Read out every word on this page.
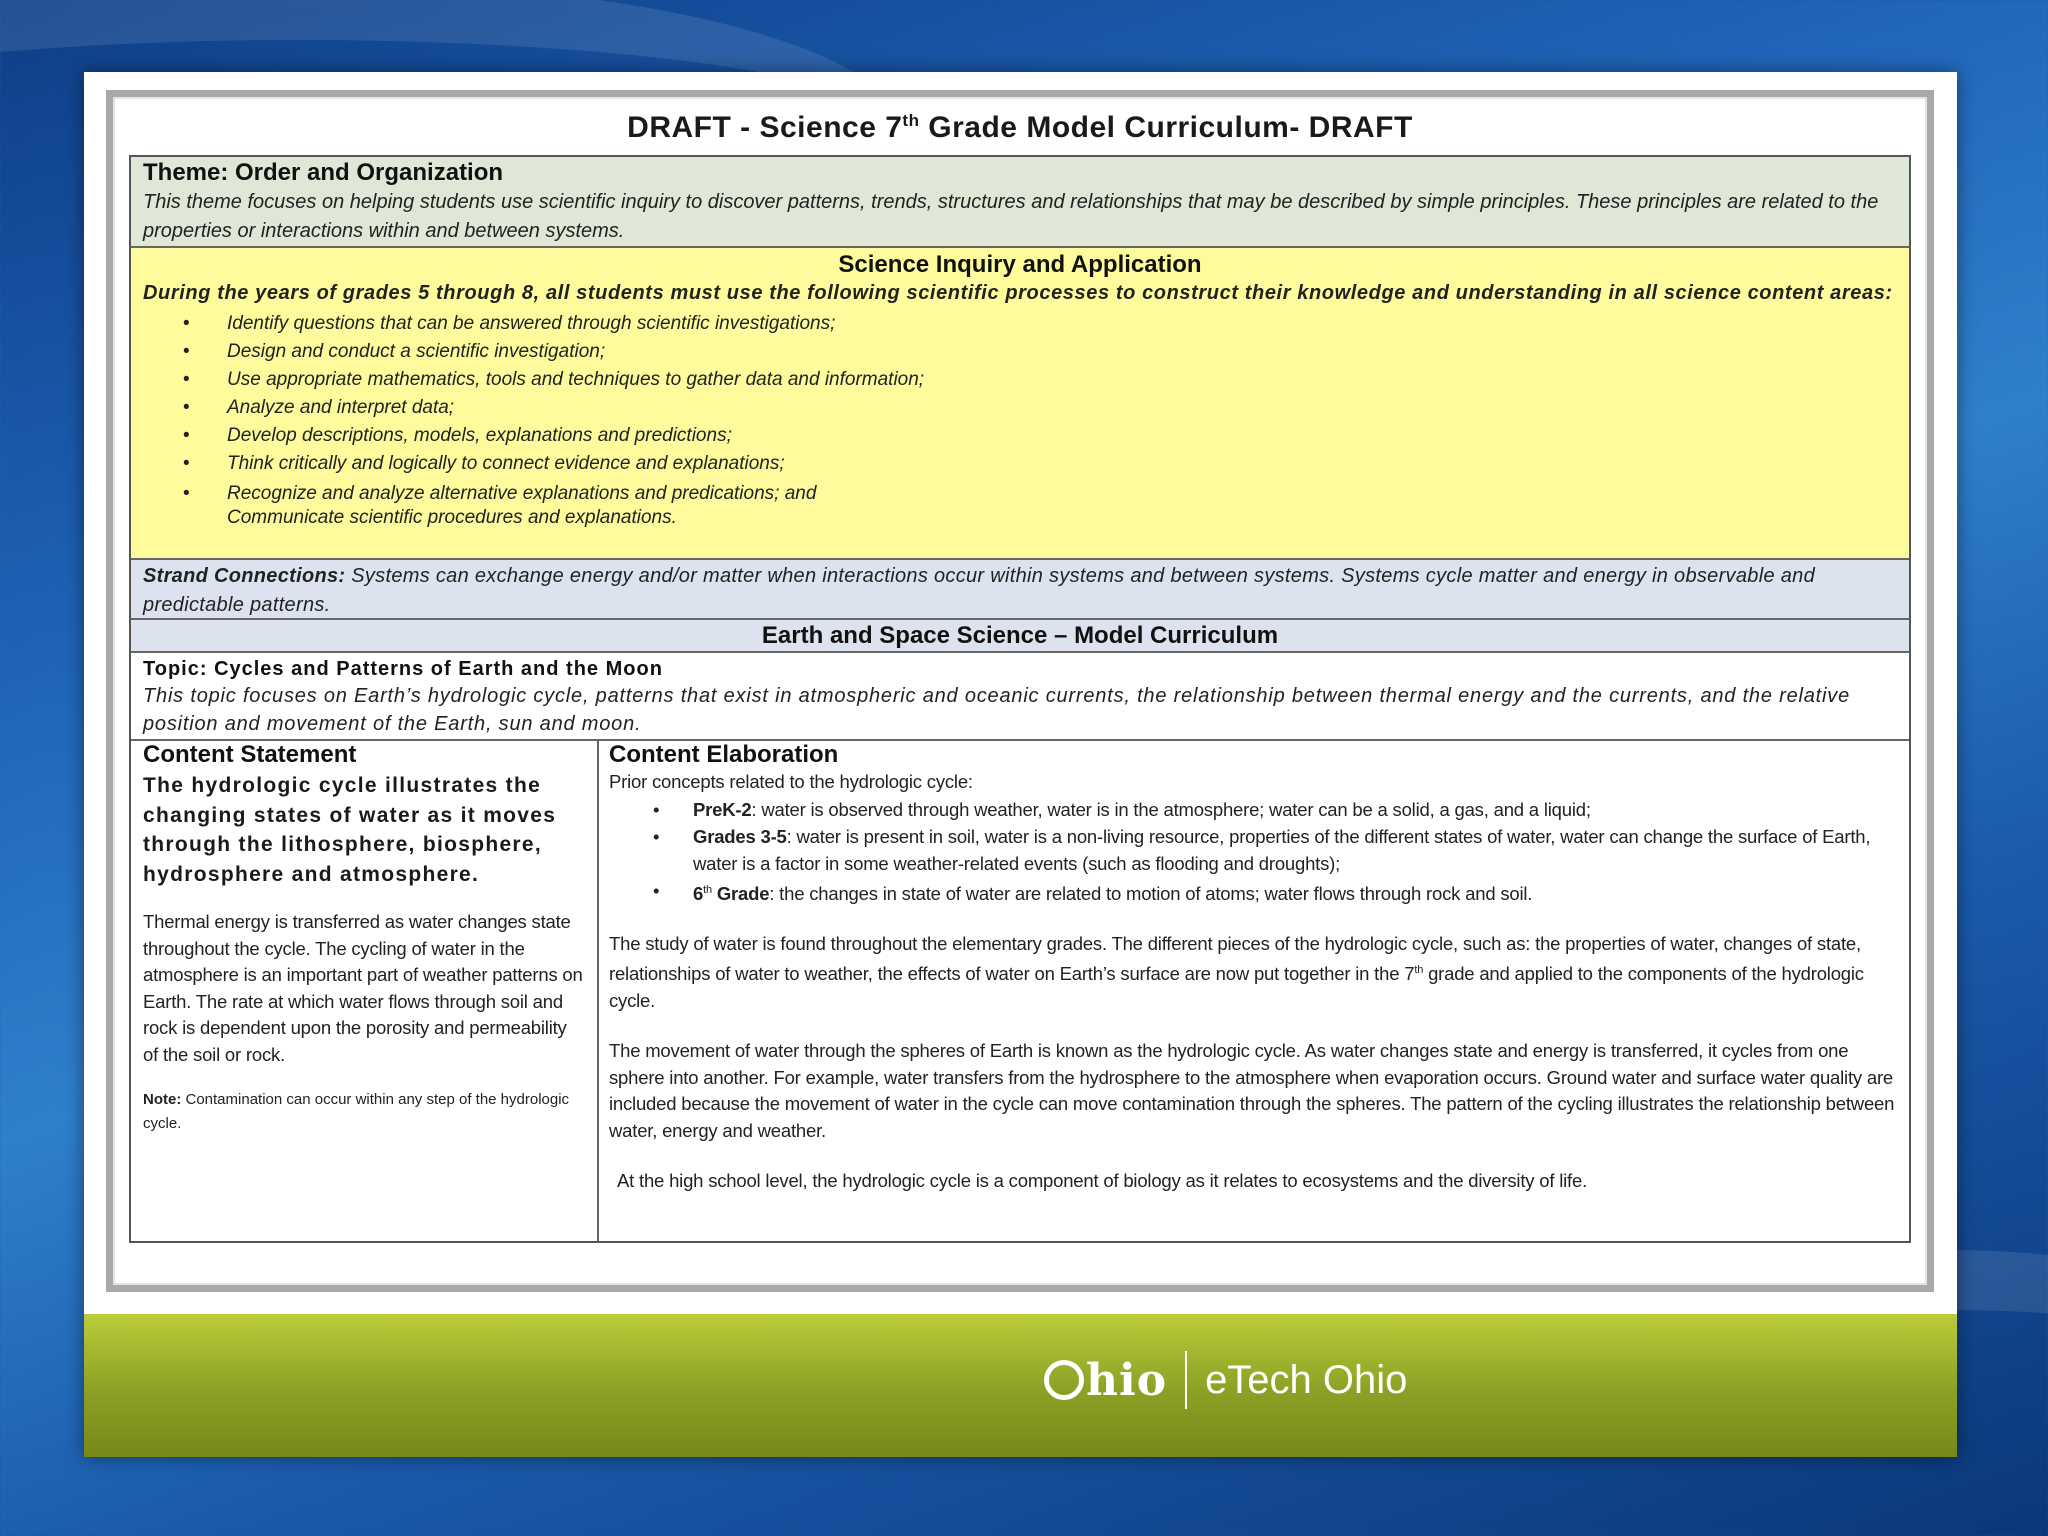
DRAFT - Science 7th Grade Model Curriculum- DRAFT
Theme: Order and Organization
This theme focuses on helping students use scientific inquiry to discover patterns, trends, structures and relationships that may be described by simple principles. These principles are related to the properties or interactions within and between systems.
Science Inquiry and Application
During the years of grades 5 through 8, all students must use the following scientific processes to construct their knowledge and understanding in all science content areas:
• Identify questions that can be answered through scientific investigations;
• Design and conduct a scientific investigation;
• Use appropriate mathematics, tools and techniques to gather data and information;
• Analyze and interpret data;
• Develop descriptions, models, explanations and predictions;
• Think critically and logically to connect evidence and explanations;
• Recognize and analyze alternative explanations and predications; and
Communicate scientific procedures and explanations.
Strand Connections: Systems can exchange energy and/or matter when interactions occur within systems and between systems. Systems cycle matter and energy in observable and predictable patterns.
Earth and Space Science – Model Curriculum
Topic: Cycles and Patterns of Earth and the Moon
This topic focuses on Earth’s hydrologic cycle, patterns that exist in atmospheric and oceanic currents, the relationship between thermal energy and the currents, and the relative position and movement of the Earth, sun and moon.
Content Statement
The hydrologic cycle illustrates the changing states of water as it moves through the lithosphere, biosphere, hydrosphere and atmosphere.
Thermal energy is transferred as water changes state throughout the cycle. The cycling of water in the atmosphere is an important part of weather patterns on Earth. The rate at which water flows through soil and rock is dependent upon the porosity and permeability of the soil or rock.
Note: Contamination can occur within any step of the hydrologic cycle.
Content Elaboration
Prior concepts related to the hydrologic cycle:
• PreK-2: water is observed through weather, water is in the atmosphere; water can be a solid, a gas, and a liquid;
• Grades 3-5: water is present in soil, water is a non-living resource, properties of the different states of water, water can change the surface of Earth, water is a factor in some weather-related events (such as flooding and droughts);
• 6th Grade: the changes in state of water are related to motion of atoms; water flows through rock and soil.
The study of water is found throughout the elementary grades. The different pieces of the hydrologic cycle, such as: the properties of water, changes of state, relationships of water to weather, the effects of water on Earth’s surface are now put together in the 7th grade and applied to the components of the hydrologic cycle.
The movement of water through the spheres of Earth is known as the hydrologic cycle. As water changes state and energy is transferred, it cycles from one sphere into another. For example, water transfers from the hydrosphere to the atmosphere when evaporation occurs. Ground water and surface water quality are included because the movement of water in the cycle can move contamination through the spheres. The pattern of the cycling illustrates the relationship between water, energy and weather.
At the high school level, the hydrologic cycle is a component of biology as it relates to ecosystems and the diversity of life.
hio eTech Ohio
